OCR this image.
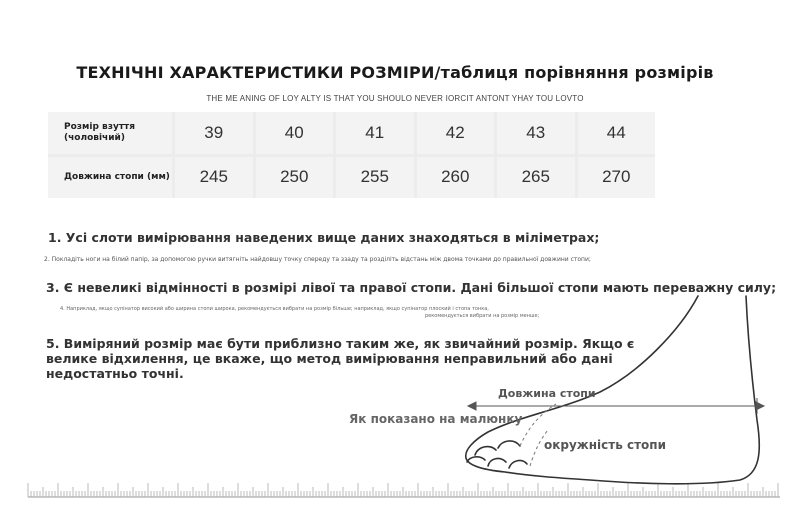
ТЕХНІЧНІ ХАРАКТЕРИСТИКИ РОЗМІРИ/таблиця порівняння розмірів
THE ME ANING OF LOY ALTY IS THAT YOU SHOULO NEVER IORCIT ANTONT YHAY TOU LOVTO
Розмір взуття (чоловічий)	39	40	41	42	43	44
Довжина стопи (мм)	245	250	255	260	265	270
1. Усі слоти вимірювання наведених вище даних знаходяться в міліметрах;
2. Покладіть ноги на білий папір, за допомогою ручки витягніть найдовшу точку спереду та ззаду та розділіть відстань між двома точками до правильної довжини стопи;
3. Є невеликі відмінності в розмірі лівої та правої стопи. Дані більшої стопи мають переважну силу;
4. Наприклад, якщо супінатор високий або ширина стопи широка, рекомендується вибрати на розмір більше; наприклад, якщо супінатор плоский і стопа тонка,
рекомендується вибрати на розмір менше;
5. Виміряний розмір має бути приблизно таким же, як звичайний розмір. Якщо є велике відхилення, це вкаже, що метод вимірювання неправильний або дані недостатньо точні.
Довжина стопи
Як показано на малюнку
окружність стопи
